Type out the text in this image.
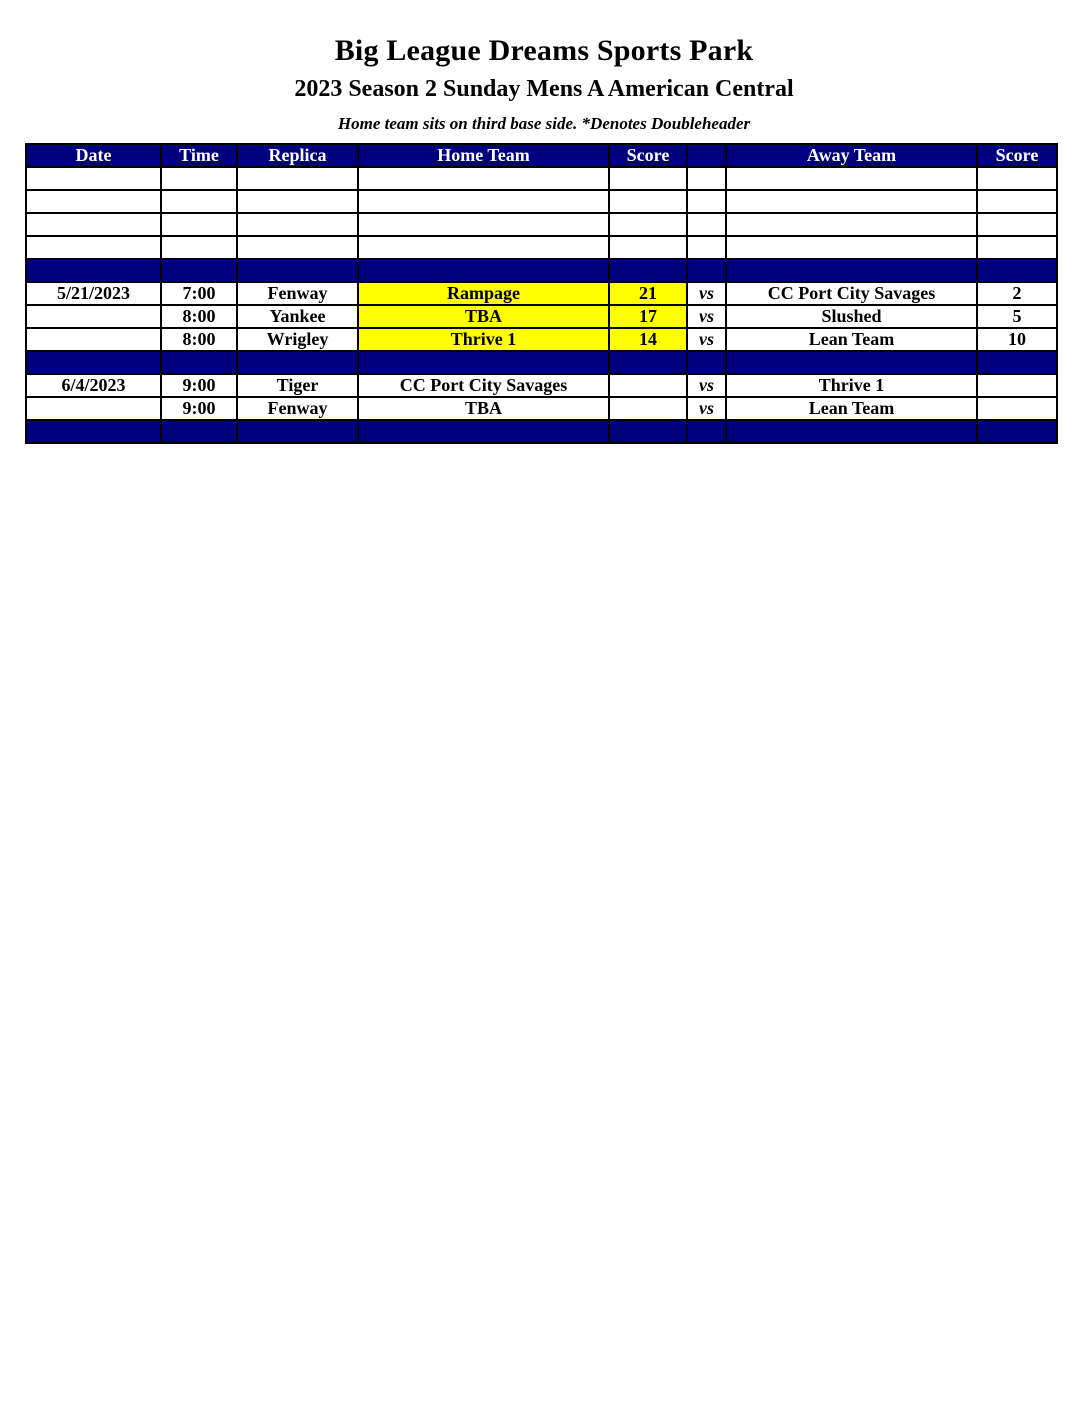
Big League Dreams Sports Park
2023 Season 2 Sunday Mens A American Central
Home team sits on third base side. *Denotes Doubleheader
Date	Time	Replica	Home Team	Score		Away Team	Score

5/21/2023	7:00	Fenway	Rampage	21	vs	CC Port City Savages	2
	8:00	Yankee	TBA	17	vs	Slushed	5
	8:00	Wrigley	Thrive 1	14	vs	Lean Team	10

6/4/2023	9:00	Tiger	CC Port City Savages		vs	Thrive 1	
	9:00	Fenway	TBA		vs	Lean Team	
